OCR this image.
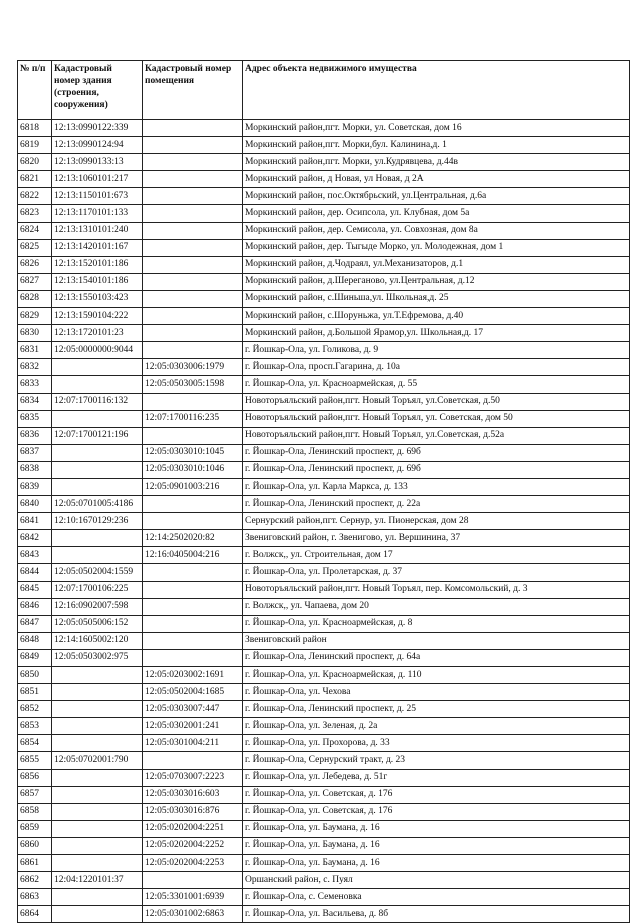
№ п/п	Кадастровый номер здания (строения, сооружения)	Кадастровый номер помещения	Адрес объекта недвижимого имущества
6818	12:13:0990122:339		Моркинский район,пгт. Морки, ул. Советская, дом 16
6819	12:13:0990124:94		Моркинский район,пгт. Морки,бул. Калинина,д. 1
6820	12:13:0990133:13		Моркинский район,пгт. Морки, ул.Кудрявцева, д.44в
6821	12:13:1060101:217		Моркинский район, д Новая, ул Новая, д 2А
6822	12:13:1150101:673		Моркинский район, пос.Октябрьский, ул.Центральная, д.6а
6823	12:13:1170101:133		Моркинский район, дер. Осипсола, ул. Клубная, дом 5а
6824	12:13:1310101:240		Моркинский район, дер. Семисола, ул. Совхозная, дом 8а
6825	12:13:1420101:167		Моркинский район, дер. Тыгыде Морко, ул. Молодежная, дом 1
6826	12:13:1520101:186		Моркинский район, д.Чодраял, ул.Механизаторов, д.1
6827	12:13:1540101:186		Моркинский район, д.Шереганово, ул.Центральная, д.12
6828	12:13:1550103:423		Моркинский район, с.Шиньша,ул. Школьная,д. 25
6829	12:13:1590104:222		Моркинский район, с.Шоруньжа, ул.Т.Ефремова, д.40
6830	12:13:1720101:23		Моркинский район, д.Большой Ярамор,ул. Школьная,д. 17
6831	12:05:0000000:9044		г. Йошкар-Ола, ул. Голикова, д. 9
6832		12:05:0303006:1979	г. Йошкар-Ола, просп.Гагарина, д. 10а
6833		12:05:0503005:1598	г. Йошкар-Ола, ул. Красноармейская, д. 55
6834	12:07:1700116:132		Новоторъяльский район,пгт. Новый Торъял, ул.Советская, д.50
6835		12:07:1700116:235	Новоторъяльский район,пгт. Новый Торъял, ул. Советская, дом 50
6836	12:07:1700121:196		Новоторъяльский район,пгт. Новый Торъял, ул.Советская, д.52а
6837		12:05:0303010:1045	г. Йошкар-Ола, Ленинский проспект, д. 69б
6838		12:05:0303010:1046	г. Йошкар-Ола, Ленинский проспект, д. 69б
6839		12:05:0901003:216	г. Йошкар-Ола, ул. Карла Маркса, д. 133
6840	12:05:0701005:4186		г. Йошкар-Ола, Ленинский проспект, д. 22а
6841	12:10:1670129:236		Сернурский район,пгт. Сернур, ул. Пионерская, дом 28
6842		12:14:2502020:82	Звениговский район, г. Звенигово, ул. Вершинина, 37
6843		12:16:0405004:216	г. Волжск,, ул. Строительная, дом 17
6844	12:05:0502004:1559		г. Йошкар-Ола, ул. Пролетарская, д. 37
6845	12:07:1700106:225		Новоторъяльский район,пгт. Новый Торъял, пер. Комсомольский, д. 3
6846	12:16:0902007:598		г. Волжск,, ул. Чапаева, дом 20
6847	12:05:0505006:152		г. Йошкар-Ола, ул. Красноармейская, д. 8
6848	12:14:1605002:120		Звениговский район
6849	12:05:0503002:975		г. Йошкар-Ола, Ленинский проспект, д. 64а
6850		12:05:0203002:1691	г. Йошкар-Ола, ул. Красноармейская, д. 110
6851		12:05:0502004:1685	г. Йошкар-Ола, ул. Чехова
6852		12:05:0303007:447	г. Йошкар-Ола, Ленинский проспект, д. 25
6853		12:05:0302001:241	г. Йошкар-Ола, ул. Зеленая, д. 2а
6854		12:05:0301004:211	г. Йошкар-Ола, ул. Прохорова, д. 33
6855	12:05:0702001:790		г. Йошкар-Ола, Сернурский тракт, д. 23
6856		12:05:0703007:2223	г. Йошкар-Ола, ул. Лебедева, д. 51г
6857		12:05:0303016:603	г. Йошкар-Ола, ул. Советская, д. 176
6858		12:05:0303016:876	г. Йошкар-Ола, ул. Советская, д. 176
6859		12:05:0202004:2251	г. Йошкар-Ола, ул. Баумана, д. 16
6860		12:05:0202004:2252	г. Йошкар-Ола, ул. Баумана, д. 16
6861		12:05:0202004:2253	г. Йошкар-Ола, ул. Баумана, д. 16
6862	12:04:1220101:37		Оршанский район, с. Пуял
6863		12:05:3301001:6939	г. Йошкар-Ола, с. Семеновка
6864		12:05:0301002:6863	г. Йошкар-Ола, ул. Васильева, д. 8б
